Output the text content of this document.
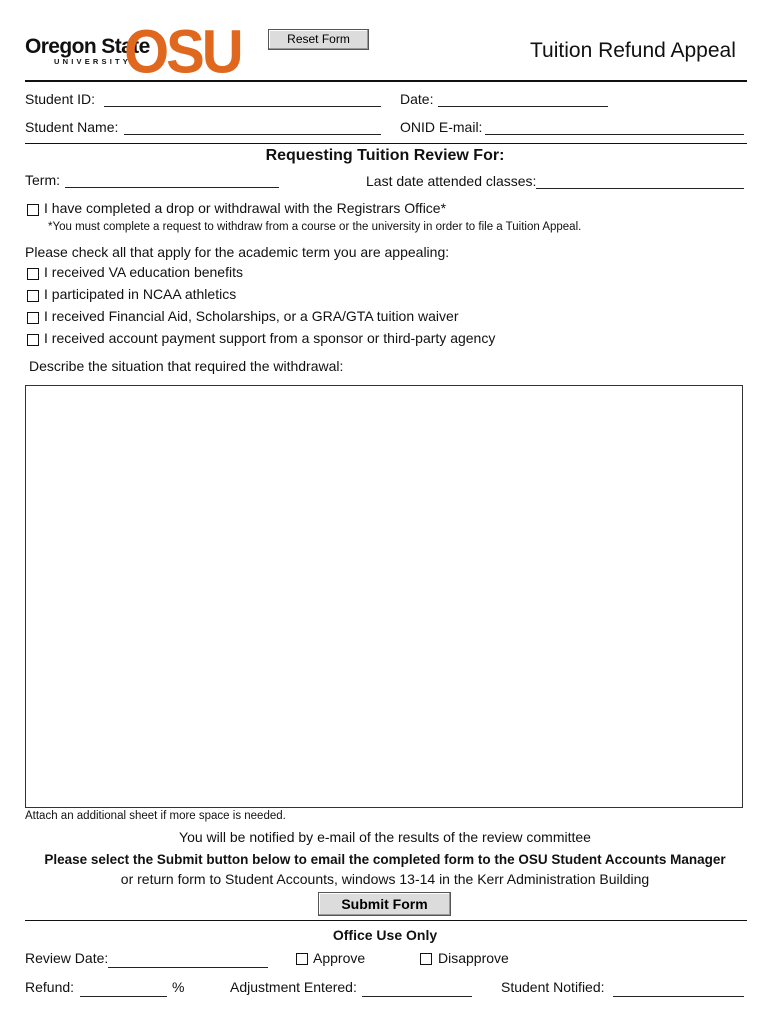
Oregon State
UNIVERSITY
OSU	Reset Form	Tuition Refund Appeal
Student ID:	Date:
Student Name:	ONID E-mail:
Requesting Tuition Review For:
Term:	Last date attended classes:
I have completed a drop or withdrawal with the Registrars Office*
*You must complete a request to withdraw from a course or the university in order to file a Tuition Appeal.
Please check all that apply for the academic term you are appealing:
I received VA education benefits
I participated in NCAA athletics
I received Financial Aid, Scholarships, or a GRA/GTA tuition waiver
I received account payment support from a sponsor or third-party agency
Describe the situation that required the withdrawal:
Attach an additional sheet if more space is needed.
You will be notified by e-mail of the results of the review committee
Please select the Submit button below to email the completed form to the OSU Student Accounts Manager
or return form to Student Accounts, windows 13-14 in the Kerr Administration Building
Submit Form
Office Use Only
Review Date:	Approve	Disapprove
Refund:	%	Adjustment Entered:	Student Notified:
